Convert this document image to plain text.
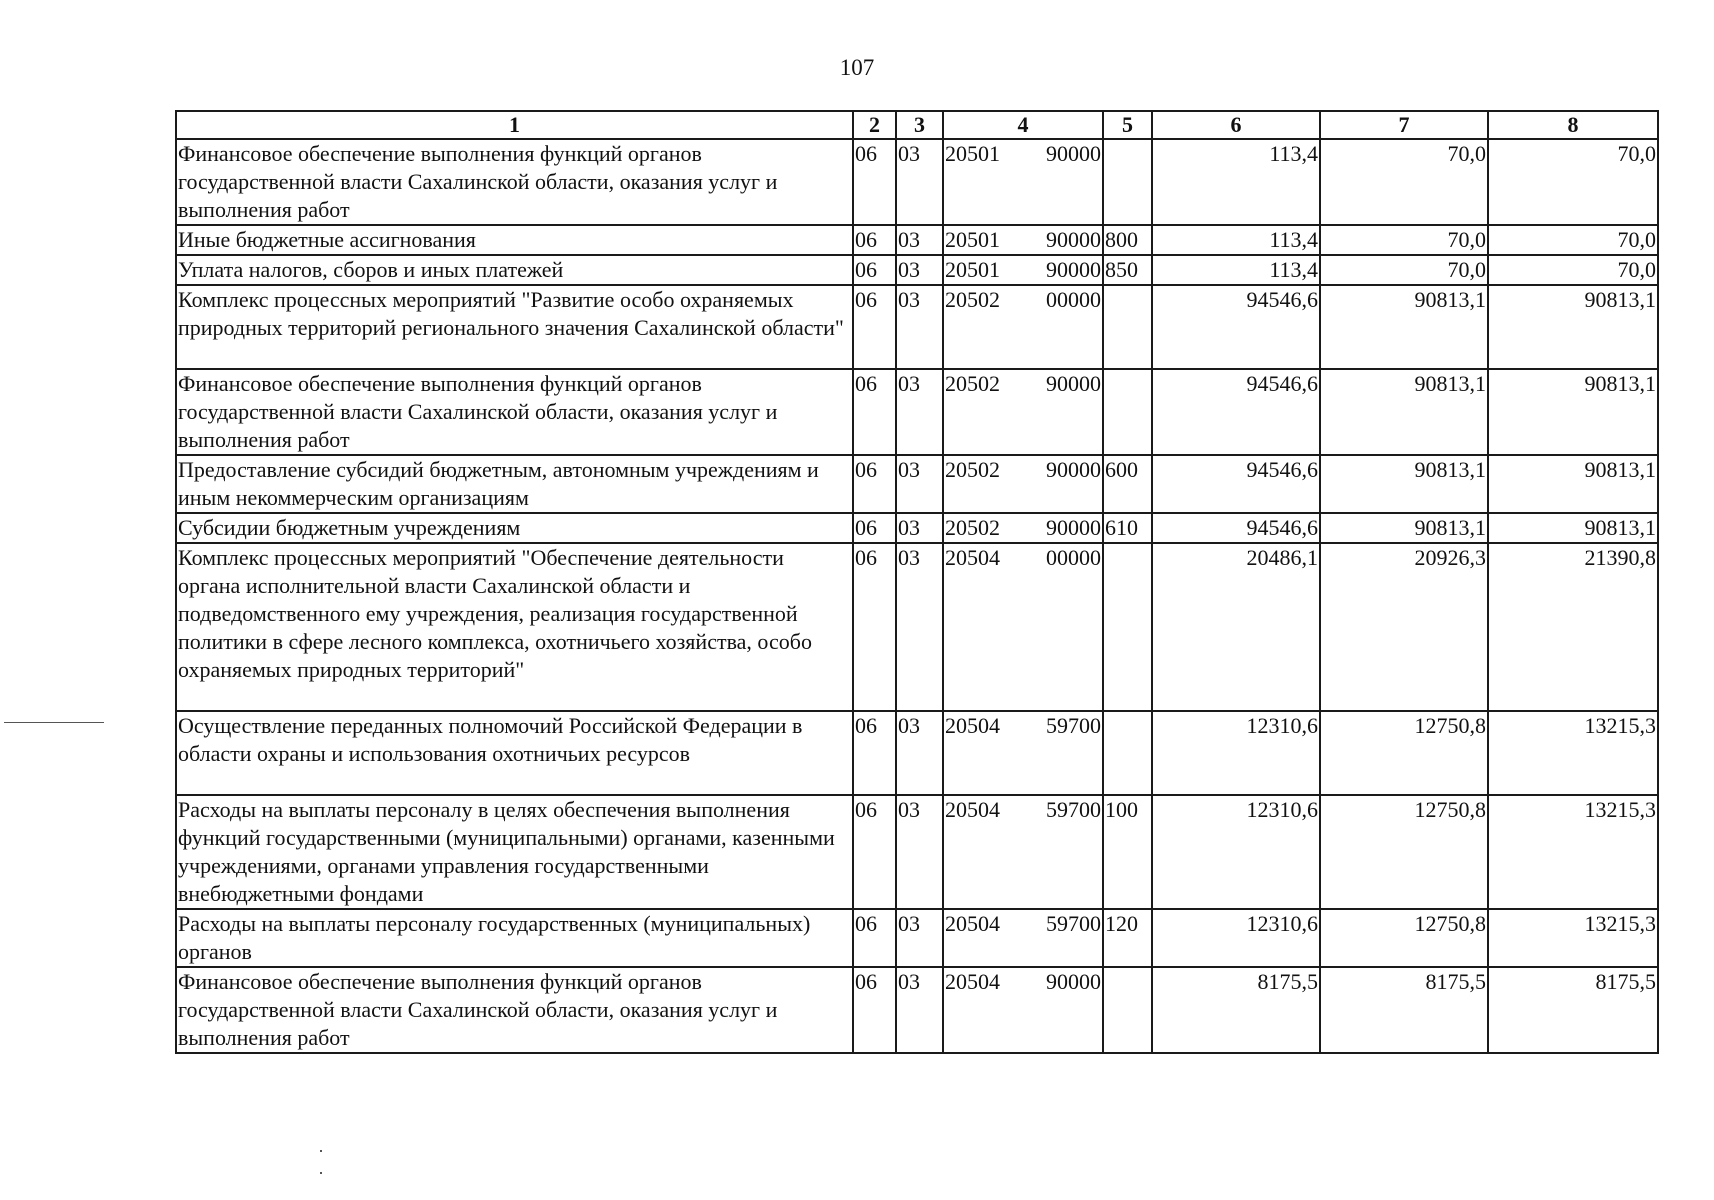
107
1	2	3	4	5	6	7	8
Финансовое обеспечение выполнения функций органов государственной власти Сахалинской области, оказания услуг и выполнения работ	06	03	20501 90000		113,4	70,0	70,0
Иные бюджетные ассигнования	06	03	20501 90000	800	113,4	70,0	70,0
Уплата налогов, сборов и иных платежей	06	03	20501 90000	850	113,4	70,0	70,0
Комплекс процессных мероприятий "Развитие особо охраняемых природных территорий регионального значения Сахалинской области"	06	03	20502 00000		94546,6	90813,1	90813,1
Финансовое обеспечение выполнения функций органов государственной власти Сахалинской области, оказания услуг и выполнения работ	06	03	20502 90000		94546,6	90813,1	90813,1
Предоставление субсидий бюджетным, автономным учреждениям и иным некоммерческим организациям	06	03	20502 90000	600	94546,6	90813,1	90813,1
Субсидии бюджетным учреждениям	06	03	20502 90000	610	94546,6	90813,1	90813,1
Комплекс процессных мероприятий "Обеспечение деятельности органа исполнительной власти Сахалинской области и подведомственного ему учреждения, реализация государственной политики в сфере лесного комплекса, охотничьего хозяйства, особо охраняемых природных территорий"	06	03	20504 00000		20486,1	20926,3	21390,8
Осуществление переданных полномочий Российской Федерации в области охраны и использования охотничьих ресурсов	06	03	20504 59700		12310,6	12750,8	13215,3
Расходы на выплаты персоналу в целях обеспечения выполнения функций государственными (муниципальными) органами, казенными учреждениями, органами управления государственными внебюджетными фондами	06	03	20504 59700	100	12310,6	12750,8	13215,3
Расходы на выплаты персоналу государственных (муниципальных) органов	06	03	20504 59700	120	12310,6	12750,8	13215,3
Финансовое обеспечение выполнения функций органов государственной власти Сахалинской области, оказания услуг и выполнения работ	06	03	20504 90000		8175,5	8175,5	8175,5
